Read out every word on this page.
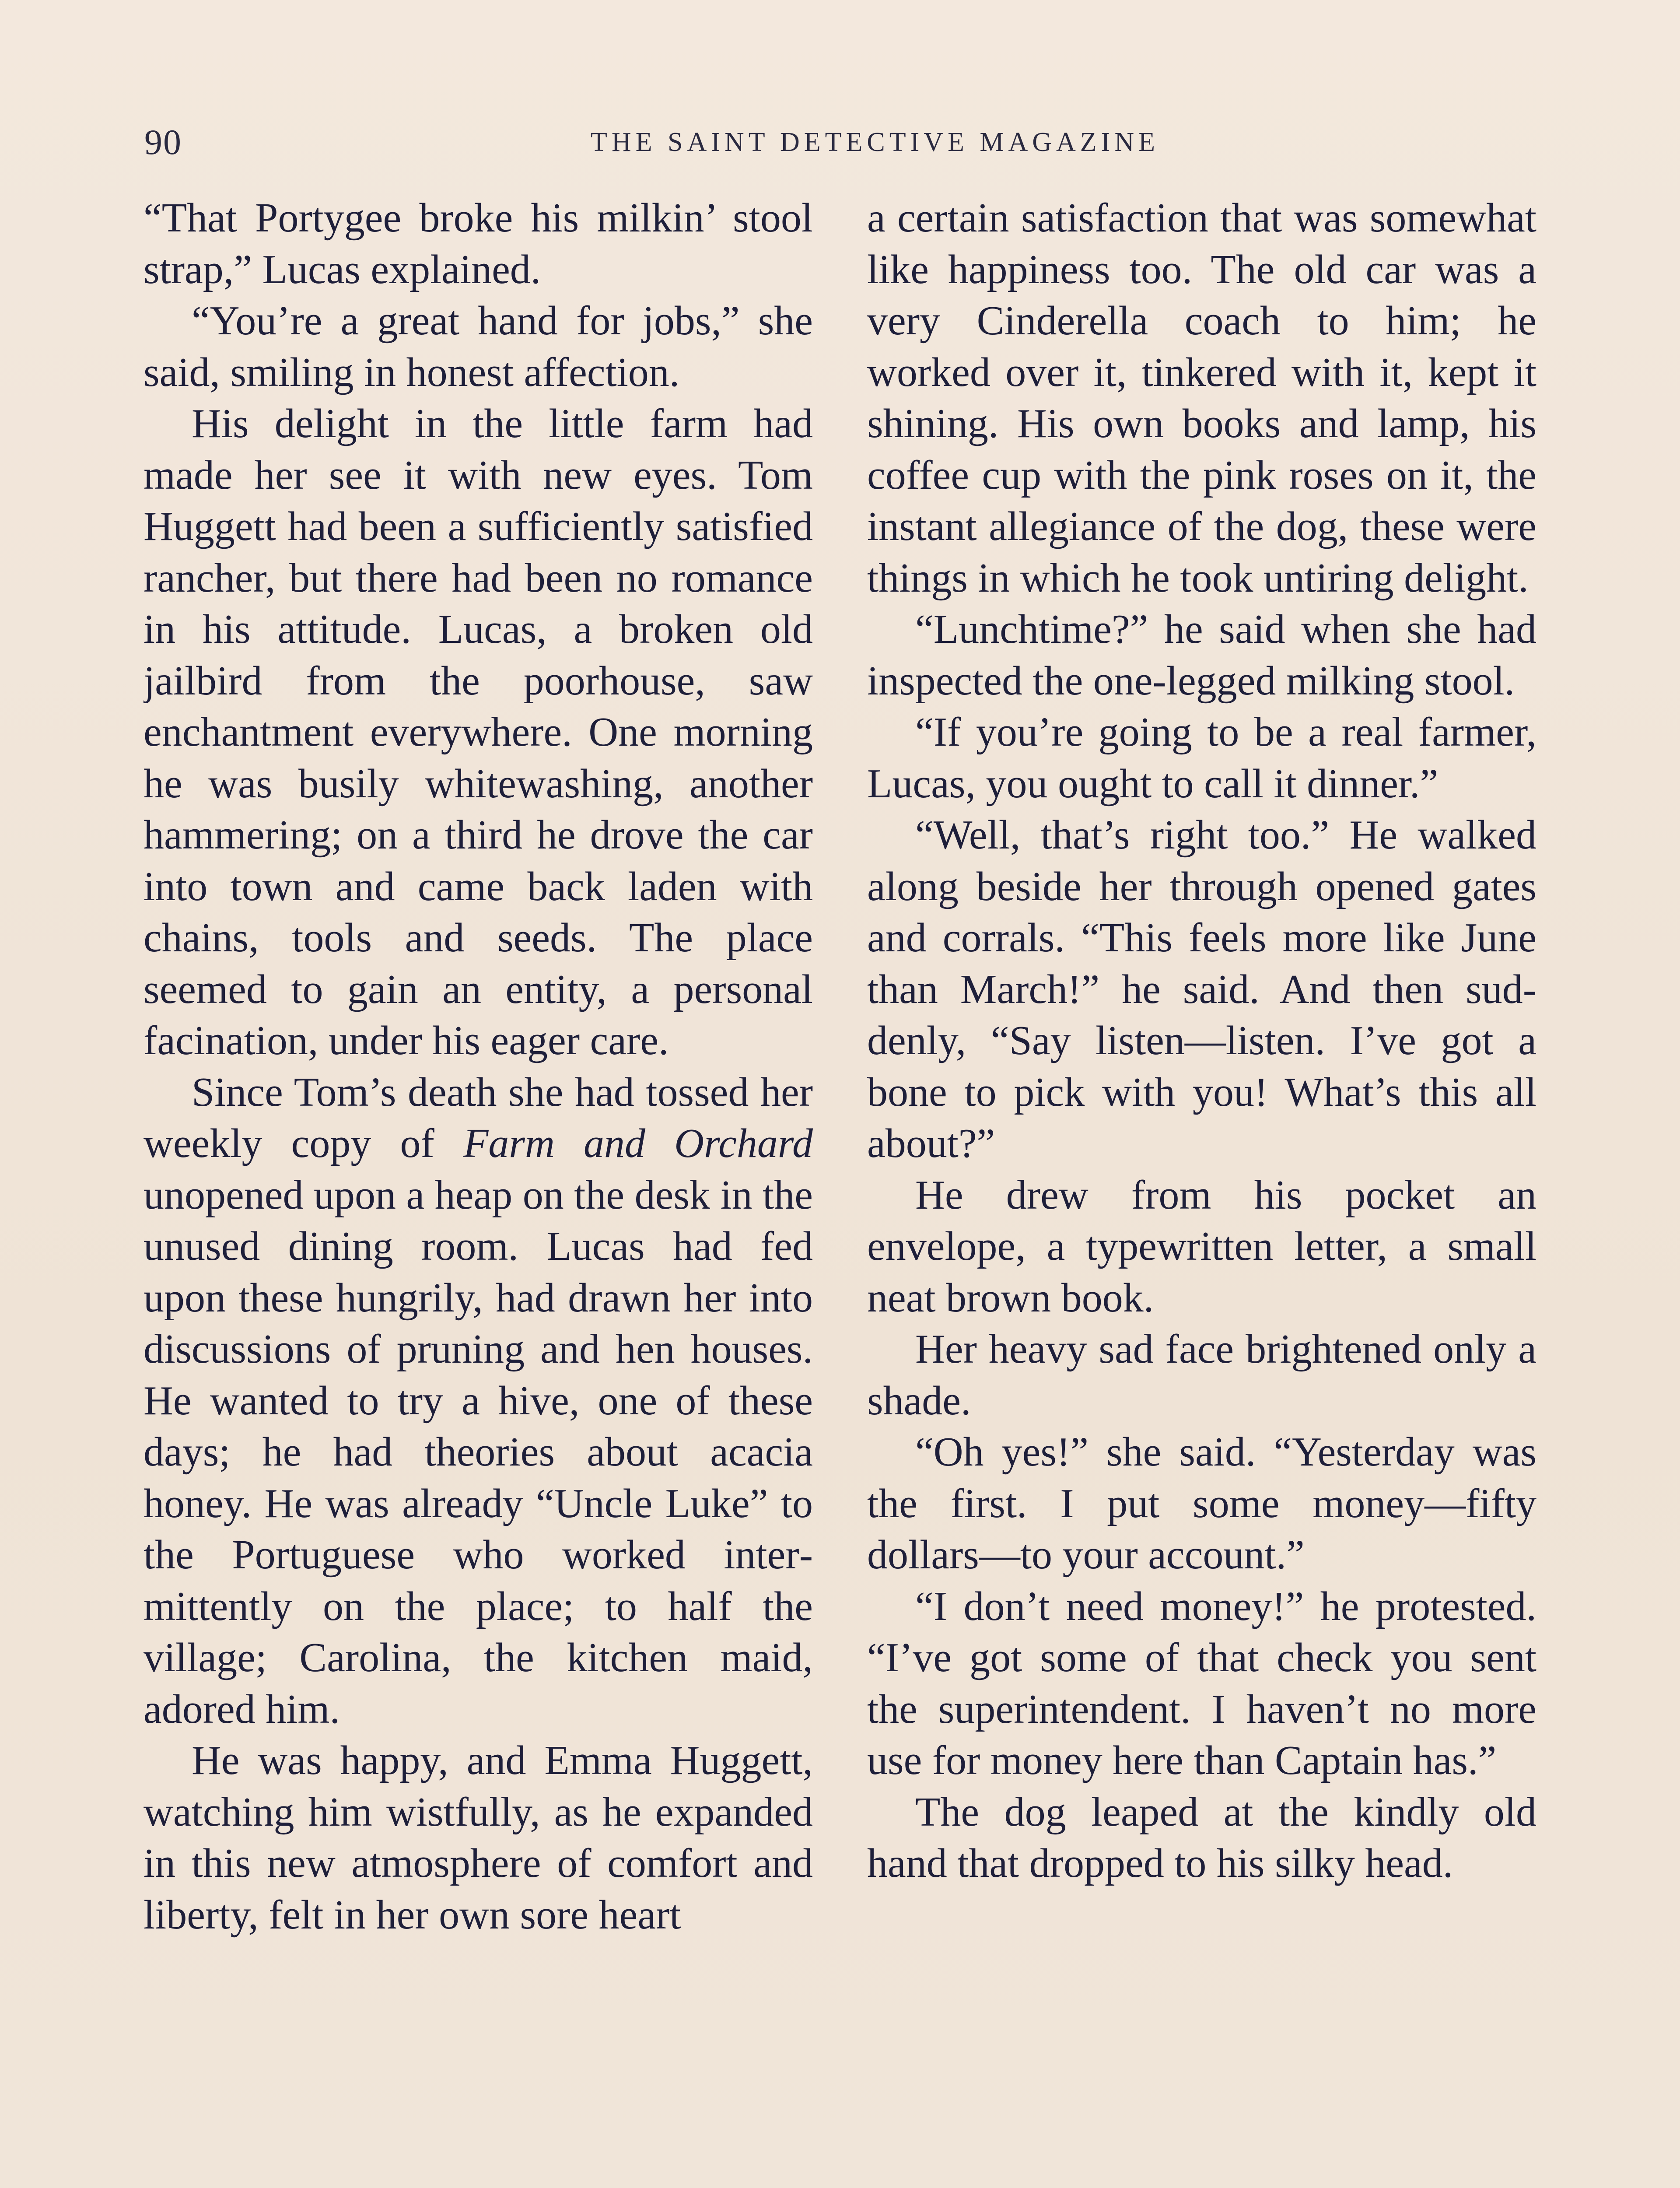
90	THE SAINT DETECTIVE MAGAZINE

“That Portygee broke his milkin’ stool strap,” Lucas explained.

“You’re a great hand for jobs,” she said, smiling in honest affection.

His delight in the little farm had made her see it with new eyes. Tom Huggett had been a sufficiently satisfied rancher, but there had been no romance in his attitude. Lucas, a broken old jailbird from the poorhouse, saw enchantment everywhere. One morning he was busily whitewashing, another hammering; on a third he drove the car into town and came back laden with chains, tools and seeds. The place seemed to gain an entity, a personal facination, under his eager care.

Since Tom’s death she had tossed her weekly copy of Farm and Orchard unopened upon a heap on the desk in the unused dining room. Lucas had fed upon these hungrily, had drawn her into discussions of pruning and hen houses. He wanted to try a hive, one of these days; he had theories about acacia honey. He was already “Uncle Luke” to the Portuguese who worked intermittently on the place; to half the village; Carolina, the kitchen maid, adored him.

He was happy, and Emma Huggett, watching him wistfully, as he expanded in this new atmosphere of comfort and liberty, felt in her own sore heart

a certain satisfaction that was somewhat like happiness too. The old car was a very Cinderella coach to him; he worked over it, tinkered with it, kept it shining. His own books and lamp, his coffee cup with the pink roses on it, the instant allegiance of the dog, these were things in which he took untiring delight.

“Lunchtime?” he said when she had inspected the one-legged milking stool.

“If you’re going to be a real farmer, Lucas, you ought to call it dinner.”

“Well, that’s right too.” He walked along beside her through opened gates and corrals. “This feels more like June than March!” he said. And then suddenly, “Say listen—listen. I’ve got a bone to pick with you! What’s this all about?”

He drew from his pocket an envelope, a typewritten letter, a small neat brown book.

Her heavy sad face brightened only a shade.

“Oh yes!” she said. “Yesterday was the first. I put some money—fifty dollars—to your account.”

“I don’t need money!” he protested. “I’ve got some of that check you sent the superintendent. I haven’t no more use for money here than Captain has.”

The dog leaped at the kindly old hand that dropped to his silky head.
